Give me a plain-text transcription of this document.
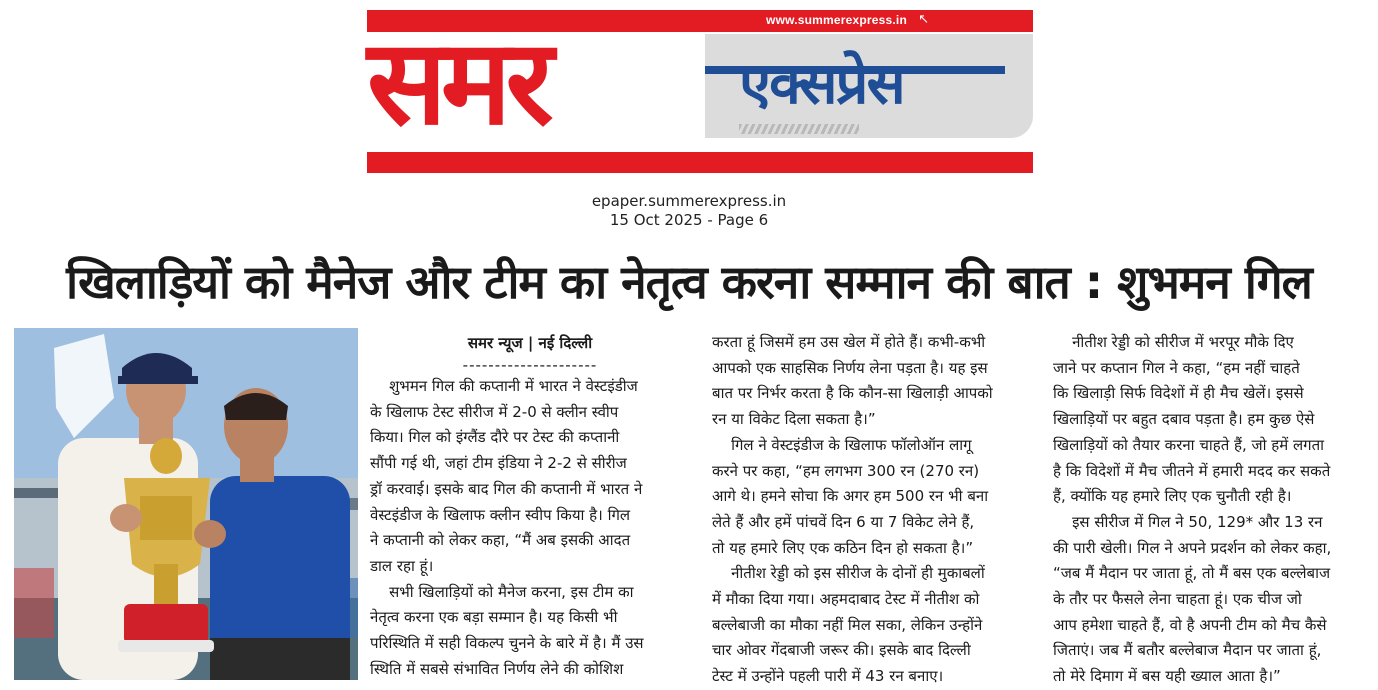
समर	एक्सप्रेस
www.summerexpress.in ↖
epaper.summerexpress.in
15 Oct 2025 - Page 6
खिलाड़ियों को मैनेज और टीम का नेतृत्व करना सम्मान की बात : शुभमन गिल
समर न्यूज | नई दिल्ली
---------------------

शुभमन गिल की कप्तानी में भारत ने वेस्टइंडीज

के खिलाफ टेस्ट सीरीज में 2-0 से क्लीन स्वीप

किया। गिल को इंग्लैंड दौरे पर टेस्ट की कप्तानी

सौंपी गई थी, जहां टीम इंडिया ने 2-2 से सीरीज

ड्रॉ करवाई। इसके बाद गिल की कप्तानी में भारत ने

वेस्टइंडीज के खिलाफ क्लीन स्वीप किया है। गिल

ने कप्तानी को लेकर कहा, “मैं अब इसकी आदत

डाल रहा हूं।

सभी खिलाड़ियों को मैनेज करना, इस टीम का

नेतृत्व करना एक बड़ा सम्मान है। यह किसी भी

परिस्थिति में सही विकल्प चुनने के बारे में है। मैं उस

स्थिति में सबसे संभावित निर्णय लेने की कोशिश

करता हूं जिसमें हम उस खेल में होते हैं। कभी-कभी

आपको एक साहसिक निर्णय लेना पड़ता है। यह इस

बात पर निर्भर करता है कि कौन-सा खिलाड़ी आपको

रन या विकेट दिला सकता है।”

गिल ने वेस्टइंडीज के खिलाफ फॉलोऑन लागू

करने पर कहा, “हम लगभग 300 रन (270 रन)

आगे थे। हमने सोचा कि अगर हम 500 रन भी बना

लेते हैं और हमें पांचवें दिन 6 या 7 विकेट लेने हैं,

तो यह हमारे लिए एक कठिन दिन हो सकता है।”

नीतीश रेड्डी को इस सीरीज के दोनों ही मुकाबलों

में मौका दिया गया। अहमदाबाद टेस्ट में नीतीश को

बल्लेबाजी का मौका नहीं मिल सका, लेकिन उन्होंने

चार ओवर गेंदबाजी जरूर की। इसके बाद दिल्ली

टेस्ट में उन्होंने पहली पारी में 43 रन बनाए।

नीतीश रेड्डी को सीरीज में भरपूर मौके दिए

जाने पर कप्तान गिल ने कहा, “हम नहीं चाहते

कि खिलाड़ी सिर्फ विदेशों में ही मैच खेलें। इससे

खिलाड़ियों पर बहुत दबाव पड़ता है। हम कुछ ऐसे

खिलाड़ियों को तैयार करना चाहते हैं, जो हमें लगता

है कि विदेशों में मैच जीतने में हमारी मदद कर सकते

हैं, क्योंकि यह हमारे लिए एक चुनौती रही है।

इस सीरीज में गिल ने 50, 129* और 13 रन

की पारी खेली। गिल ने अपने प्रदर्शन को लेकर कहा,

“जब मैं मैदान पर जाता हूं, तो मैं बस एक बल्लेबाज

के तौर पर फैसले लेना चाहता हूं। एक चीज जो

आप हमेशा चाहते हैं, वो है अपनी टीम को मैच कैसे

जिताएं। जब मैं बतौर बल्लेबाज मैदान पर जाता हूं,

तो मेरे दिमाग में बस यही ख्याल आता है।”
